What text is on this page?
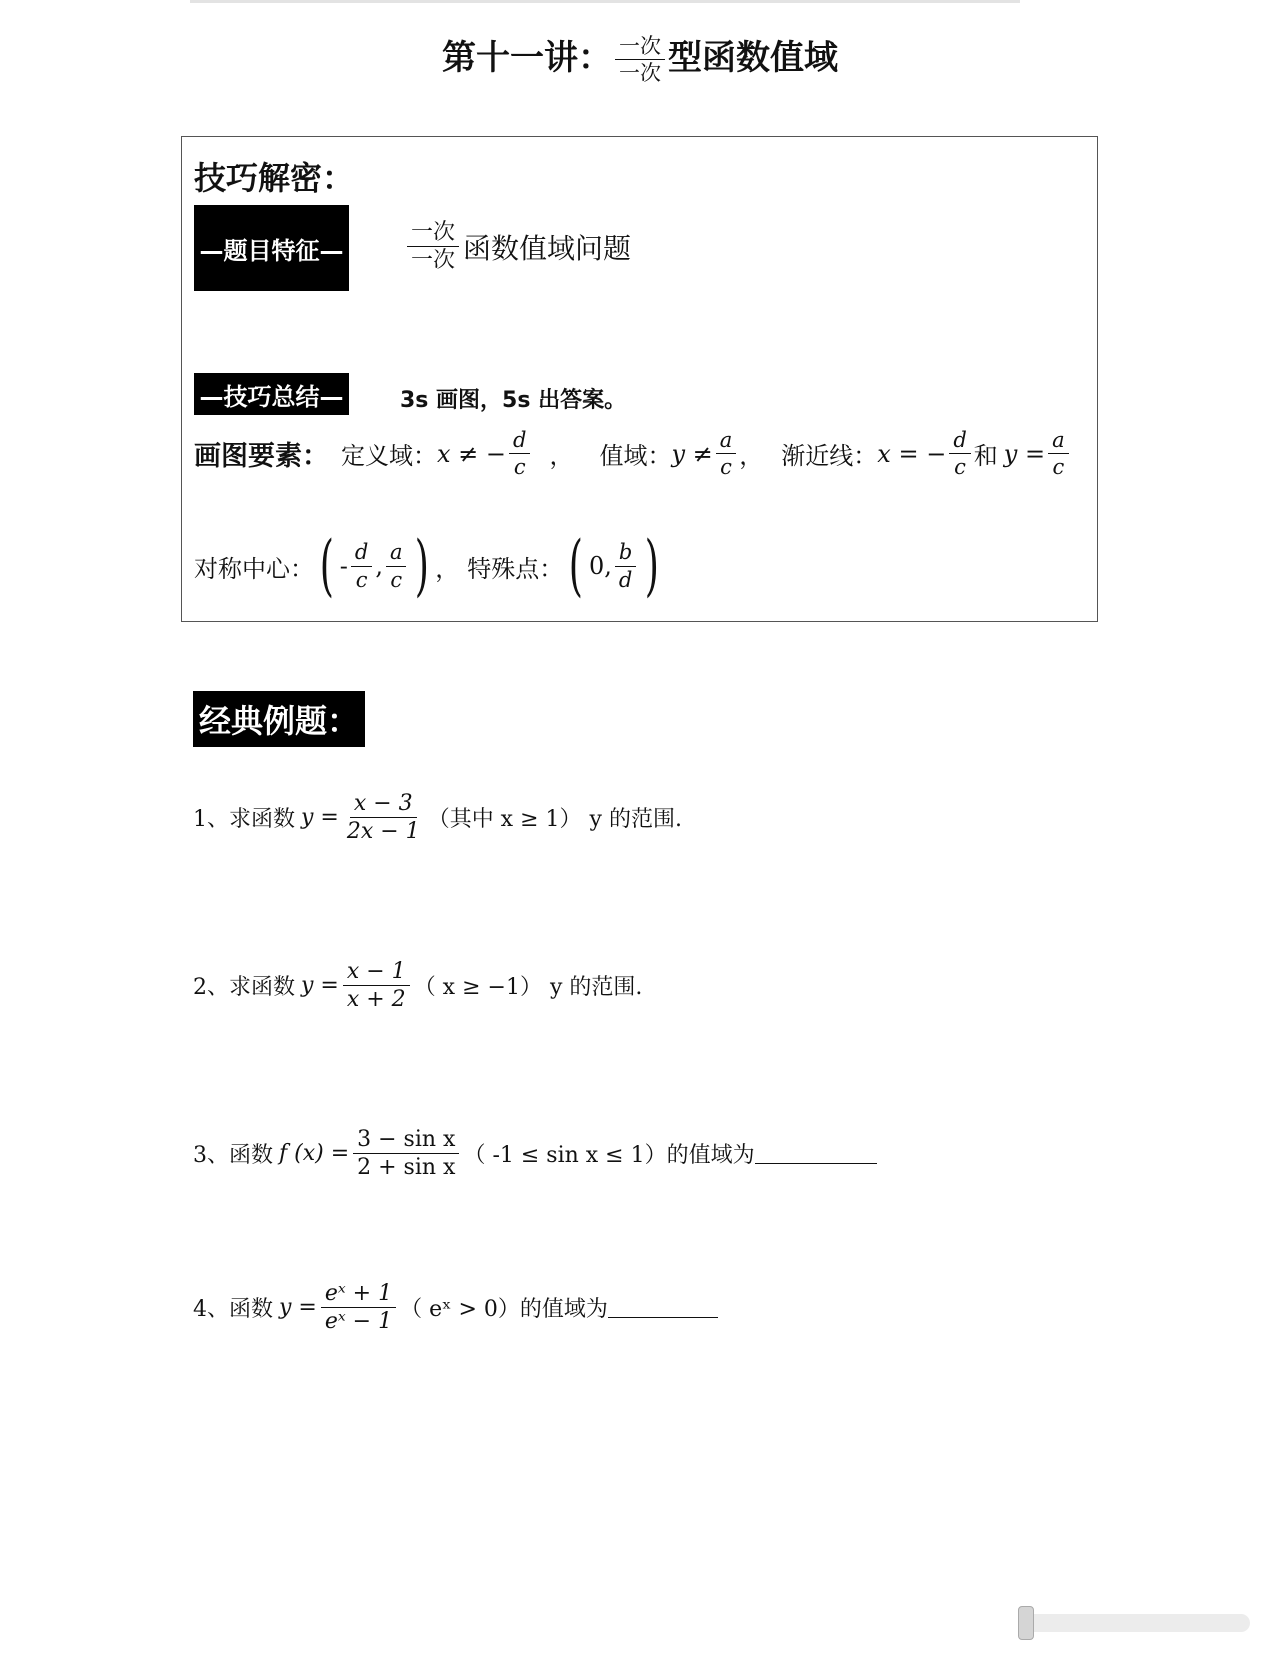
第十一讲： $\frac{\text{一次}}{\text{一次}}$ 型函数值域
技巧解密：
—题目特征—	$\frac{\text{一次}}{\text{一次}}$ 函数值域问题
—技巧总结—	3s 画图，5s 出答案。
画图要素： 定义域： x ≠ − $\frac{d}{c}$ ， 值域： $y \ne \frac{a}{c}$ ， 渐近线： x = − $\frac{d}{c}$ 和 $y = \frac{a}{c}$
对称中心： ( - $\frac{d}{c}$ , $\frac{a}{c}$ ) ， 特殊点： ( 0, $\frac{b}{d}$ )
经典例题：
1、求函数 $y = \frac{x - 3}{2x - 1}$ （其中 x ≥ 1） y 的范围.
2、求函数 $y = \frac{x - 1}{x + 2}$ （ x ≥ −1） y 的范围.
3、函数 f $(x) = \frac{\text{3 − sin x}}{\text{2 + sin x}}$ （ -1 ≤ sin x ≤ 1） 的值域为
4、函数 $y = \frac{\text{eˣ + 1}}{\text{eˣ − 1}}$ （ eˣ > 0） 的值域为
